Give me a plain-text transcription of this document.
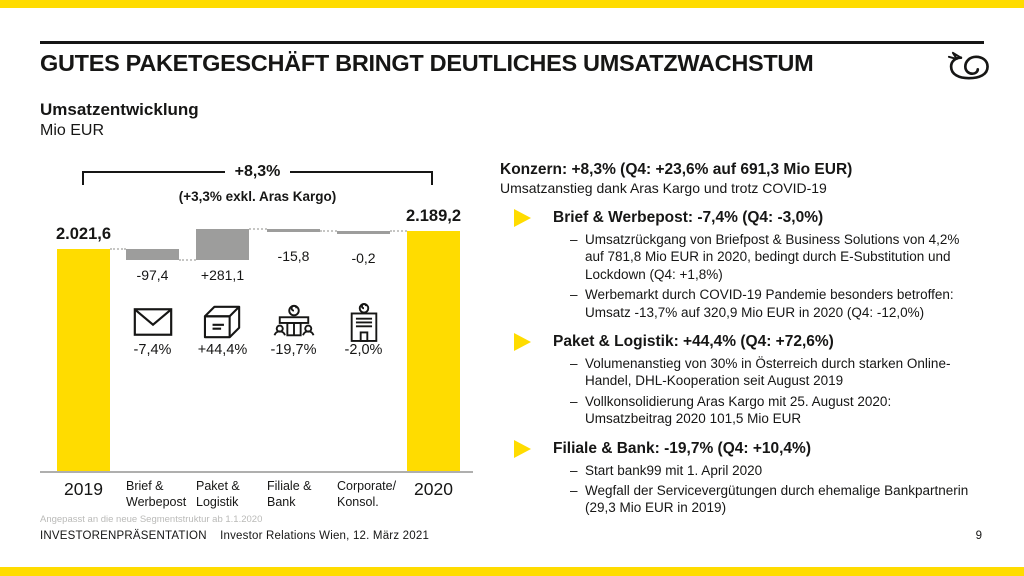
GUTES PAKETGESCHÄFT BRINGT DEUTLICHES UMSATZWACHSTUM
Umsatzentwicklung
Mio EUR
+8,3%
(+3,3% exkl. Aras Kargo)
2.021,6
2019
-97,4
-7,4%
Brief &
Werbepost
+281,1
+44,4%
Paket &
Logistik
-15,8
-19,7%
Filiale &
Bank
-0,2
-2,0%
Corporate/
Konsol.
2.189,2
2020
Konzern: +8,3% (Q4: +23,6% auf 691,3 Mio EUR)
Umsatzanstieg dank Aras Kargo und trotz COVID-19
Brief & Werbepost: -7,4% (Q4: -3,0%)
– Umsatzrückgang von Briefpost & Business Solutions von 4,2% auf 781,8 Mio EUR in 2020, bedingt durch E-Substitution und Lockdown (Q4: +1,8%)
– Werbemarkt durch COVID-19 Pandemie besonders betroffen: Umsatz -13,7% auf 320,9 Mio EUR in 2020 (Q4: -12,0%)
Paket & Logistik: +44,4% (Q4: +72,6%)
– Volumenanstieg von 30% in Österreich durch starken Online-Handel, DHL-Kooperation seit August 2019
– Vollkonsolidierung Aras Kargo mit 25. August 2020: Umsatzbeitrag 2020 101,5 Mio EUR
Filiale & Bank: -19,7% (Q4: +10,4%)
– Start bank99 mit 1. April 2020
– Wegfall der Servicevergütungen durch ehemalige Bankpartnerin (29,3 Mio EUR in 2019)
Angepasst an die neue Segmentstruktur ab 1.1.2020
INVESTORENPRÄSENTATION Investor Relations Wien, 12. März 2021	9
